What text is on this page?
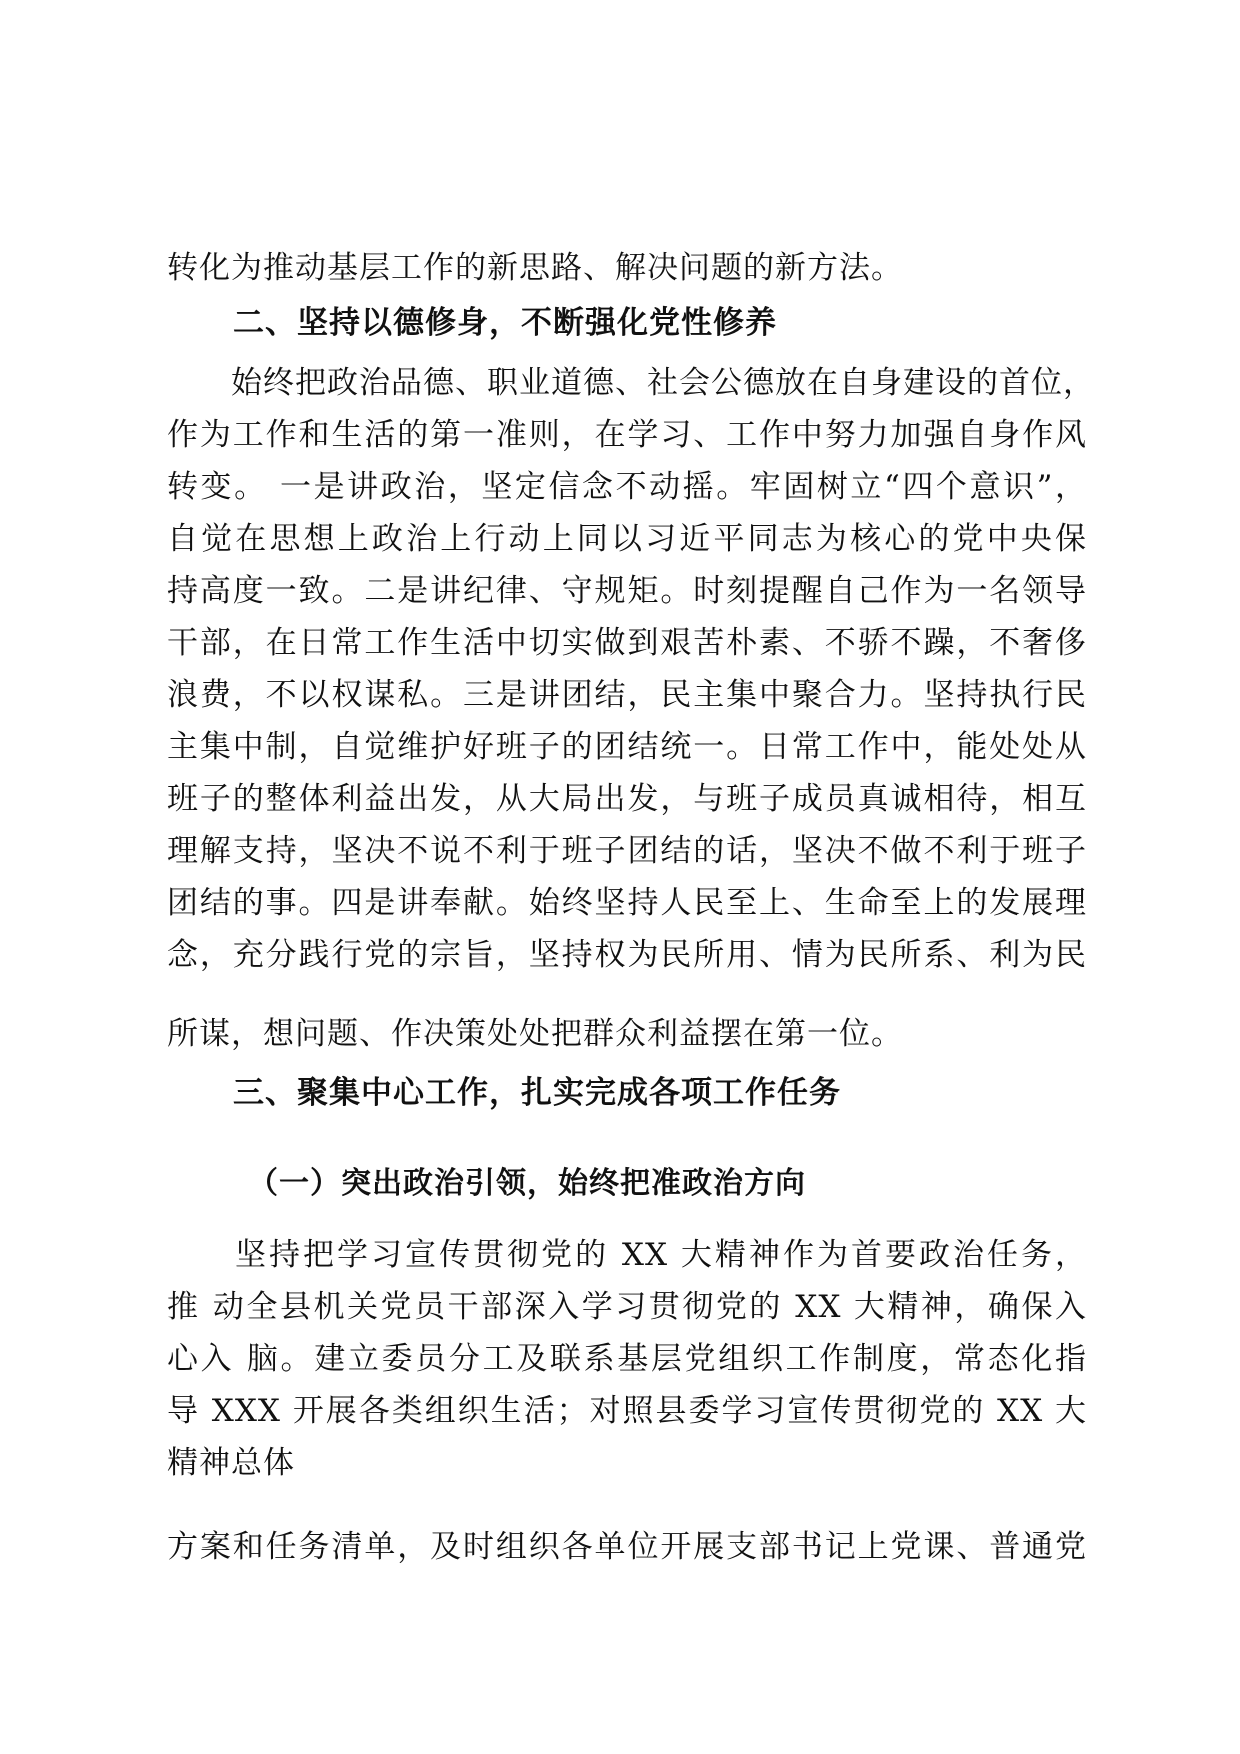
转化为推动基层工作的新思路、解决问题的新方法。
二、坚持以德修身，不断强化党性修养
　　始终把政治品德、职业道德、社会公德放在自身建设的首位，
作为工作和生活的第一准则，在学习、工作中努力加强自身作风
转变。 一是讲政治，坚定信念不动摇。牢固树立“四个意识”，
自觉在思想上政治上行动上同以习近平同志为核心的党中央保
持高度一致。二是讲纪律、守规矩。时刻提醒自己作为一名领导
干部，在日常工作生活中切实做到艰苦朴素、不骄不躁，不奢侈
浪费，不以权谋私。三是讲团结，民主集中聚合力。坚持执行民
主集中制，自觉维护好班子的团结统一。日常工作中，能处处从
班子的整体利益出发，从大局出发，与班子成员真诚相待，相互
理解支持，坚决不说不利于班子团结的话，坚决不做不利于班子
团结的事。四是讲奉献。始终坚持人民至上、生命至上的发展理
念，充分践行党的宗旨，坚持权为民所用、情为民所系、利为民
所谋，想问题、作决策处处把群众利益摆在第一位。
三、聚集中心工作，扎实完成各项工作任务
（一）突出政治引领，始终把准政治方向
　　坚持把学习宣传贯彻党的 XX 大精神作为首要政治任务，
推 动全县机关党员干部深入学习贯彻党的 XX 大精神，确保入
心入 脑。建立委员分工及联系基层党组织工作制度，常态化指
导 XXX 开展各类组织生活；对照县委学习宣传贯彻党的 XX 大
精神总体
方案和任务清单，及时组织各单位开展支部书记上党课、普通党
